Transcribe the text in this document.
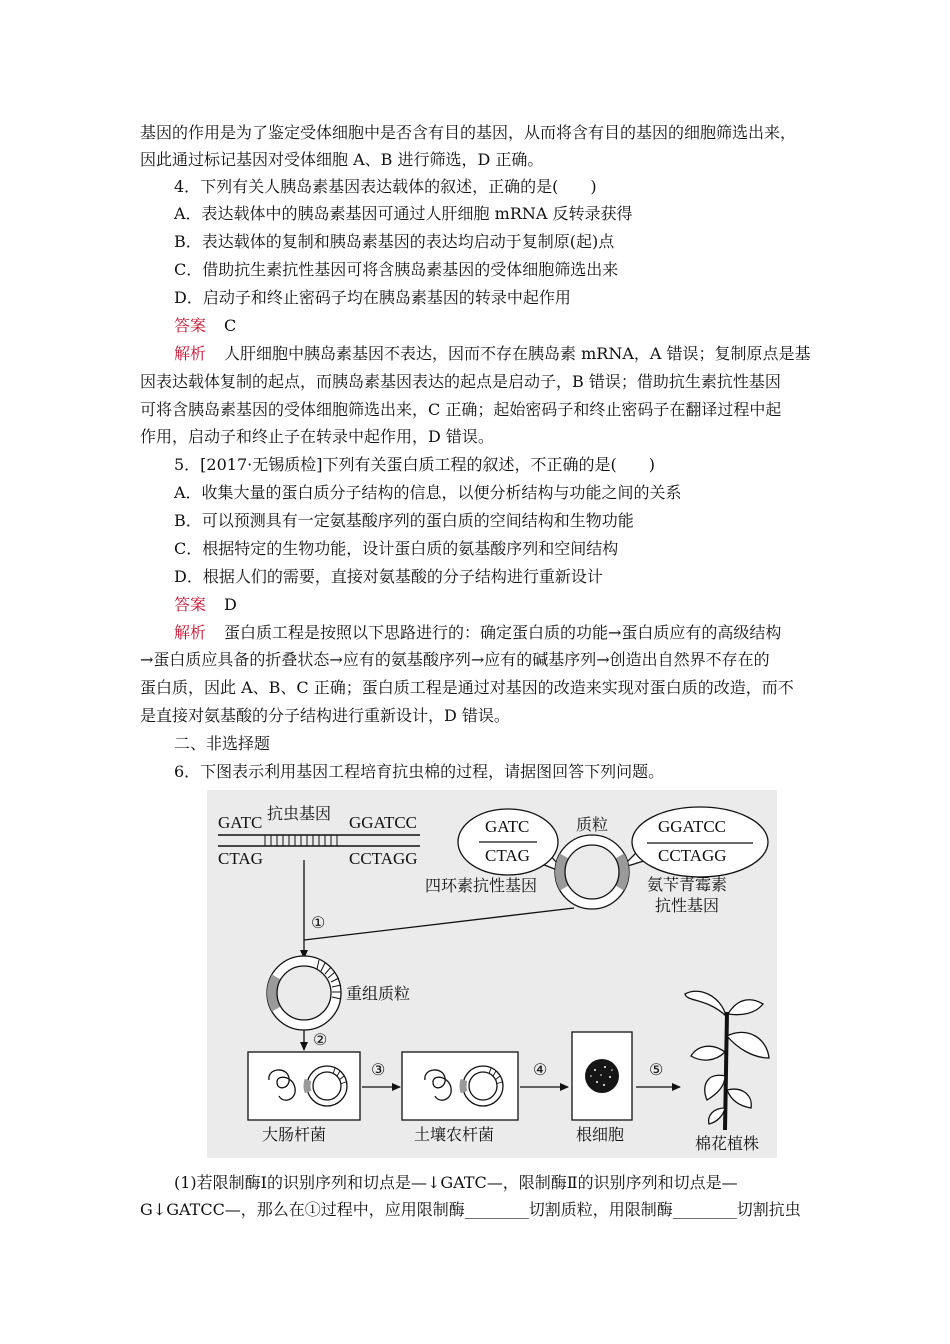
基因的作用是为了鉴定受体细胞中是否含有目的基因，从而将含有目的基因的细胞筛选出来，
因此通过标记基因对受体细胞 A、B 进行筛选，D 正确。
4．下列有关人胰岛素基因表达载体的叙述，正确的是(　　)
A．表达载体中的胰岛素基因可通过人肝细胞 mRNA 反转录获得
B．表达载体的复制和胰岛素基因的表达均启动于复制原(起)点
C．借助抗生素抗性基因可将含胰岛素基因的受体细胞筛选出来
D．启动子和终止密码子均在胰岛素基因的转录中起作用
答案 C
解析 人肝细胞中胰岛素基因不表达，因而不存在胰岛素 mRNA，A 错误；复制原点是基
因表达载体复制的起点，而胰岛素基因表达的起点是启动子，B 错误；借助抗生素抗性基因
可将含胰岛素基因的受体细胞筛选出来，C 正确；起始密码子和终止密码子在翻译过程中起
作用，启动子和终止子在转录中起作用，D 错误。
5．[2017·无锡质检]下列有关蛋白质工程的叙述，不正确的是(　　)
A．收集大量的蛋白质分子结构的信息，以便分析结构与功能之间的关系
B．可以预测具有一定氨基酸序列的蛋白质的空间结构和生物功能
C．根据特定的生物功能，设计蛋白质的氨基酸序列和空间结构
D．根据人们的需要，直接对氨基酸的分子结构进行重新设计
答案 D
解析 蛋白质工程是按照以下思路进行的：确定蛋白质的功能→蛋白质应有的高级结构
→蛋白质应具备的折叠状态→应有的氨基酸序列→应有的碱基序列→创造出自然界不存在的
蛋白质，因此 A、B、C 正确；蛋白质工程是通过对基因的改造来实现对蛋白质的改造，而不
是直接对氨基酸的分子结构进行重新设计，D 错误。
二、非选择题
6．下图表示利用基因工程培育抗虫棉的过程，请据图回答下列问题。
GATC 抗虫基因 GGATCC
CTAG	CCTAGG
GATC
CTAG
质粒	GGATCC
CCTAGG
四环素抗性基因	氨苄青霉素
抗性基因
①
重组质粒
②
大肠杆菌
③
土壤农杆菌
④
根细胞
⑤
棉花植株
(1)若限制酶Ⅰ的识别序列和切点是—↓GATC—，限制酶Ⅱ的识别序列和切点是—
G↓GATCC—，那么在①过程中，应用限制酶________切割质粒，用限制酶________切割抗虫
